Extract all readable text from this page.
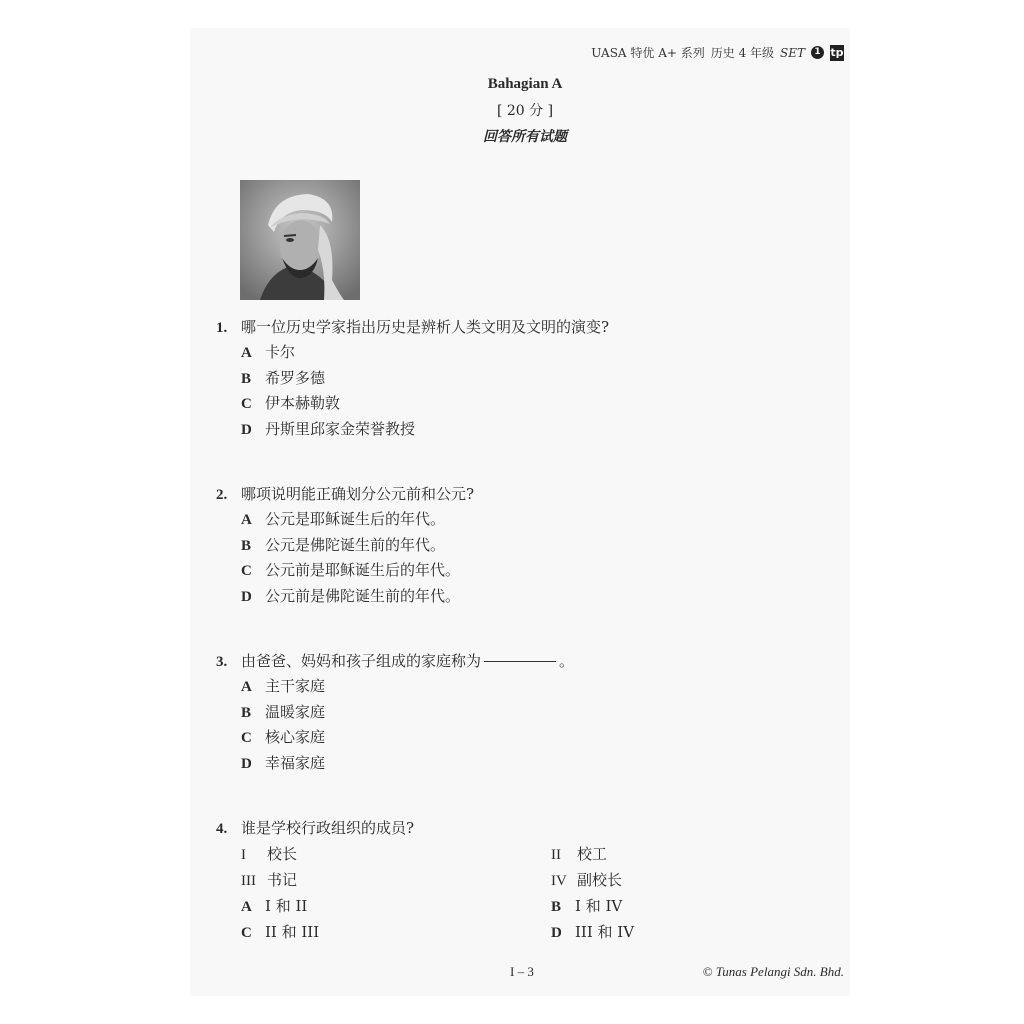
UASA 特优 A+ 系列 历史 4 年级 SET	1 tp
Bahagian A
[ 20 分 ]
回答所有试题
1. 哪一位历史学家指出历史是辨析人类文明及文明的演变?
A 卡尔
B 希罗多德
C 伊本赫勒敦
D 丹斯里邱家金荣誉教授
2. 哪项说明能正确划分公元前和公元?
A 公元是耶稣诞生后的年代。
B 公元是佛陀诞生前的年代。
C 公元前是耶稣诞生后的年代。
D 公元前是佛陀诞生前的年代。
3. 由爸爸、妈妈和孩子组成的家庭称为	。
A 主干家庭
B 温暖家庭
C 核心家庭
D 幸福家庭
4. 谁是学校行政组织的成员?
I 校长	II 校工
III 书记	IV 副校长
A I 和 II	B I 和 IV
C II 和 III	D III 和 IV
I – 3	© Tunas Pelangi Sdn. Bhd.
